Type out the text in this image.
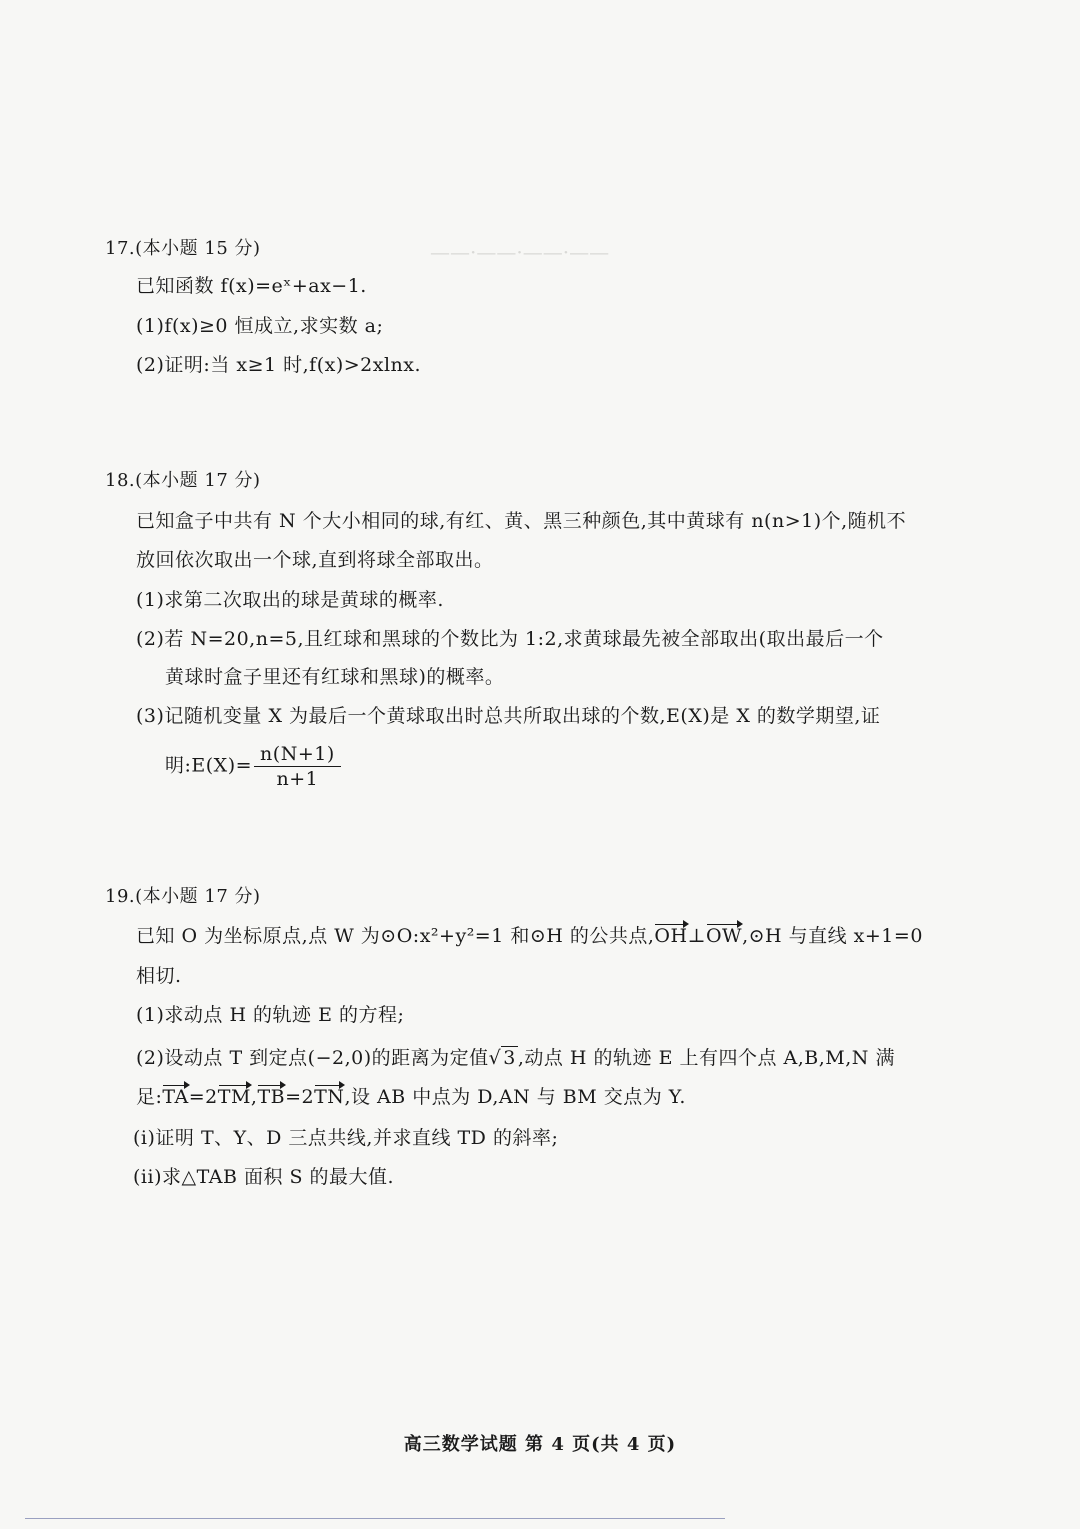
——·——·——·——
17.(本小题 15 分)
已知函数 f(x)=eˣ+ax−1.
(1)f(x)≥0 恒成立,求实数 a;
(2)证明:当 x≥1 时,f(x)>2xlnx.
18.(本小题 17 分)
已知盒子中共有 N 个大小相同的球,有红、黄、黑三种颜色,其中黄球有 n(n>1)个,随机不
放回依次取出一个球,直到将球全部取出。
(1)求第二次取出的球是黄球的概率.
(2)若 N=20,n=5,且红球和黑球的个数比为 1:2,求黄球最先被全部取出(取出最后一个
黄球时盒子里还有红球和黑球)的概率。
(3)记随机变量 X 为最后一个黄球取出时总共所取出球的个数,E(X)是 X 的数学期望,证
明:E(X)= $\frac{n(N+1)}{n+1}$
19.(本小题 17 分)
已知 O 为坐标原点,点 W 为⊙O:x²+y²=1 和⊙H 的公共点,OH⊥OW,⊙H 与直线 x+1=0
相切.
(1)求动点 H 的轨迹 E 的方程;
(2)设动点 T 到定点(−2,0)的距离为定值√ 3 ,动点 H 的轨迹 E 上有四个点 A,B,M,N 满
足:TA=2TM,TB=2TN,设 AB 中点为 D,AN 与 BM 交点为 Y.
(i)证明 T、Y、D 三点共线,并求直线 TD 的斜率;
(ii)求△TAB 面积 S 的最大值.
高三数学试题 第 4 页(共 4 页)
